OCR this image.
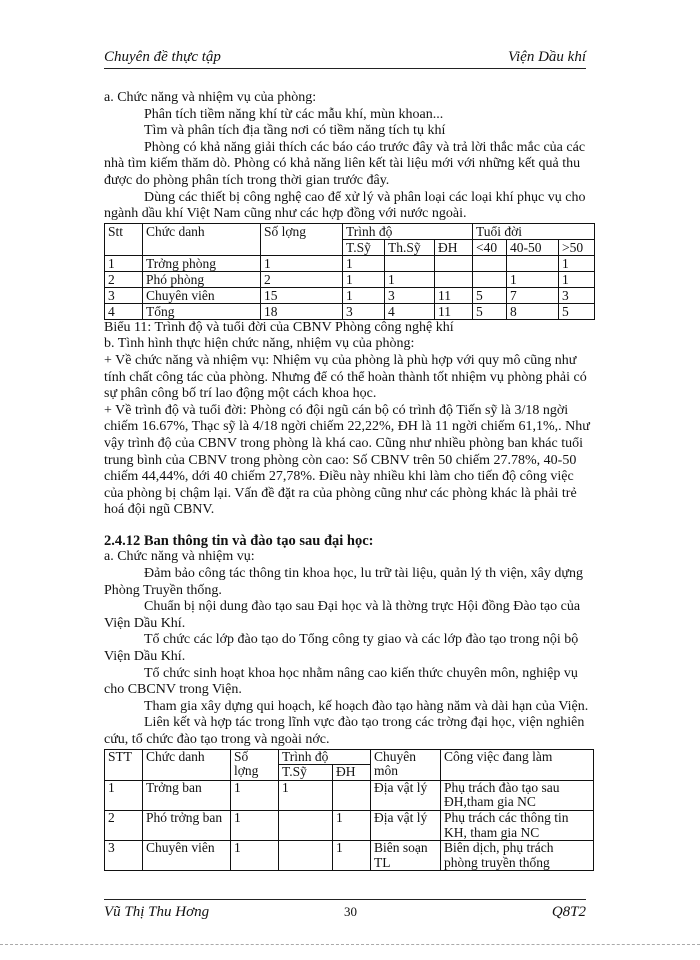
Chuyên đề thực tập	Viện Dầu khí

a. Chức năng và nhiệm vụ của phòng:

Phân tích tiềm năng khí từ các mẫu khí, mùn khoan...

Tìm và phân tích địa tầng nơi có tiềm năng tích tụ khí

Phòng có khả năng giải thích các báo cáo trước đây và trả lời thắc mắc của các nhà tìm kiếm thăm dò. Phòng có khả năng liên kết tài liệu mới với những kết quả thu được do phòng phân tích trong thời gian trước đây.

Dùng các thiết bị công nghệ cao để xử lý và phân loại các loại khí phục vụ cho ngành dầu khí Việt Nam cũng như các hợp đồng với nước ngoài.

Stt	Chức danh	Số lợng	Trình độ			Tuổi đời		
			T.Sỹ	Th.Sỹ	ĐH	<40	40-50	>50
1	Trởng phòng	1	1					1
2	Phó phòng	2	1	1			1	1
3	Chuyên viên	15	1	3	11	5	7	3
4	Tổng	18	3	4	11	5	8	5

Biểu 11: Trình độ và tuổi đời của CBNV Phòng công nghệ khí

b. Tình hình thực hiện chức năng, nhiệm vụ của phòng:

+ Về chức năng và nhiệm vụ: Nhiệm vụ của phòng là phù hợp với quy mô cũng như tính chất công tác của phòng. Nhưng để có thể hoàn thành tốt nhiệm vụ phòng phải có sự phân công bố trí lao động một cách khoa học.

+ Về trình độ và tuổi đời: Phòng có đội ngũ cán bộ có trình độ Tiến sỹ là 3/18 ngời chiếm 16.67%, Thạc sỹ là 4/18 ngời chiếm 22,22%, ĐH là 11 ngời chiếm 61,1%,. Như vậy trình độ của CBNV trong phòng là khá cao. Cũng như nhiều phòng ban khác tuổi trung bình của CBNV trong phòng còn cao: Số CBNV trên 50 chiếm 27.78%, 40-50 chiếm 44,44%, dới 40 chiếm 27,78%. Điều này nhiều khi làm cho tiến độ công việc của phòng bị chậm lại. Vấn đề đặt ra của phòng cũng như các phòng khác là phải trẻ hoá đội ngũ CBNV.

2.4.12 Ban thông tin và đào tạo sau đại học:

a. Chức năng và nhiệm vụ:

Đảm bảo công tác thông tin khoa học, lu trữ tài liệu, quản lý th viện, xây dựng Phòng Truyền thống.

Chuẩn bị nội dung đào tạo sau Đại học và là thờng trực Hội đồng Đào tạo của Viện Dầu Khí.

Tổ chức các lớp đào tạo do Tổng công ty giao và các lớp đào tạo trong nội bộ Viện Dầu Khí.

Tổ chức sinh hoạt khoa học nhằm nâng cao kiến thức chuyên môn, nghiệp vụ cho CBCNV trong Viện.

Tham gia xây dựng qui hoạch, kế hoạch đào tạo hàng năm và dài hạn của Viện.

Liên kết và hợp tác trong lĩnh vực đào tạo trong các trờng đại học, viện nghiên cứu, tổ chức đào tạo trong và ngoài nớc.

STT	Chức danh	Số lợng	Trình độ		Chuyên môn	Công việc đang làm
			T.Sỹ	ĐH		
1	Trởng ban	1	1		Địa vật lý	Phụ trách đào tạo sau ĐH,tham gia NC
2	Phó trởng ban	1		1	Địa vật lý	Phụ trách các thông tin KH, tham gia NC
3	Chuyên viên	1		1	Biên soạn TL	Biên dịch, phụ trách phòng truyền thống
Vũ Thị Thu Hơng	30	Q8T2
